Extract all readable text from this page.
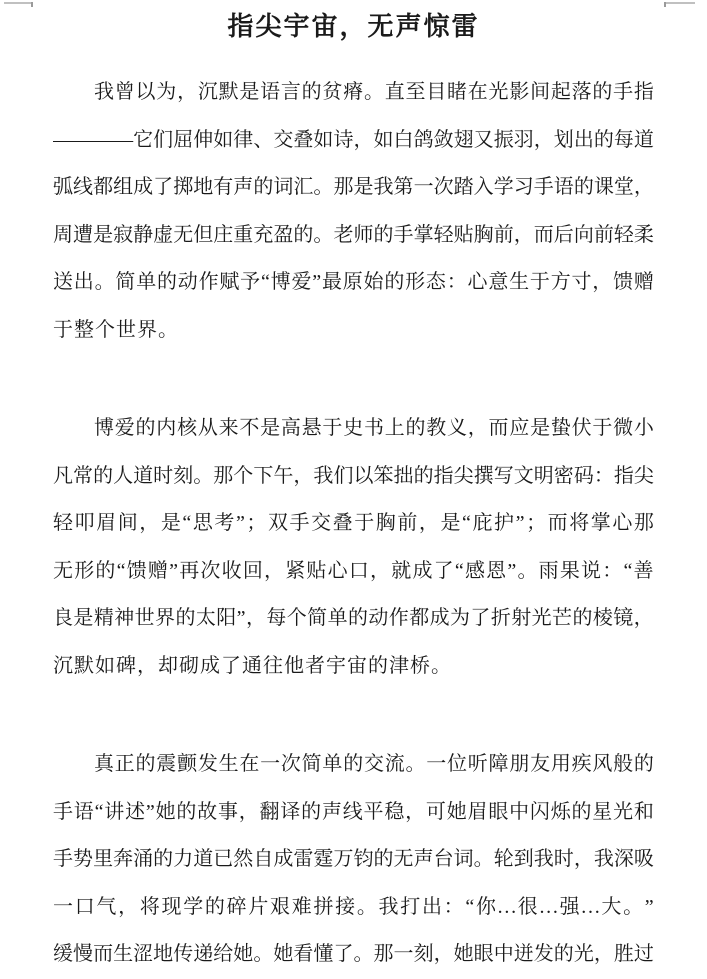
指尖宇宙，无声惊雷
我 曾 以 为 ， 沉 默 是 语 言 的 贫 瘠 。 直 至 目 睹 在 光 影 间 起 落 的 手 指
— — — — 它 们 屈 伸 如 律 、 交 叠 如 诗 ， 如 白 鸽 敛 翅 又 振 羽 ， 划 出 的 每 道
弧 线 都 组 成 了 掷 地 有 声 的 词 汇 。 那 是 我 第 一 次 踏 入 学 习 手 语 的 课 堂 ，
周 遭 是 寂 静 虚 无 但 庄 重 充 盈 的 。 老 师 的 手 掌 轻 贴 胸 前 ， 而 后 向 前 轻 柔
送 出 。 简 单 的 动 作 赋 予 “ 博 爱 ” 最 原 始 的 形 态 ： 心 意 生 于 方 寸 ， 馈 赠
于整个世界。
博 爱 的 内 核 从 来 不 是 高 悬 于 史 书 上 的 教 义 ， 而 应 是 蛰 伏 于 微 小
凡 常 的 人 道 时 刻 。 那 个 下 午 ， 我 们 以 笨 拙 的 指 尖 撰 写 文 明 密 码 ： 指 尖
轻 叩 眉 间 ， 是 “ 思 考 ” ； 双 手 交 叠 于 胸 前 ， 是 “ 庇 护 ” ； 而 将 掌 心 那
无 形 的 “ 馈 赠 ” 再 次 收 回 ， 紧 贴 心 口 ， 就 成 了 “ 感 恩 ” 。 雨 果 说 ： “ 善
良 是 精 神 世 界 的 太 阳 ” ， 每 个 简 单 的 动 作 都 成 为 了 折 射 光 芒 的 棱 镜 ，
沉默如碑，却砌成了通往他者宇宙的津桥。
真 正 的 震 颤 发 生 在 一 次 简 单 的 交 流 。 一 位 听 障 朋 友 用 疾 风 般 的
手 语 “ 讲 述 ” 她 的 故 事 ， 翻 译 的 声 线 平 稳 ， 可 她 眉 眼 中 闪 烁 的 星 光 和
手 势 里 奔 涌 的 力 道 已 然 自 成 雷 霆 万 钧 的 无 声 台 词 。 轮 到 我 时 ， 我 深 吸
一 口 气 ， 将 现 学 的 碎 片 艰 难 拼 接 。 我 打 出 ： “ 你 . . . 很 . . . 强 . . . 大 。 ”
缓 慢 而 生 涩 地 传 递 给 她 。 她 看 懂 了 。 那 一 刻 ， 她 眼 中 迸 发 的 光 ， 胜 过
